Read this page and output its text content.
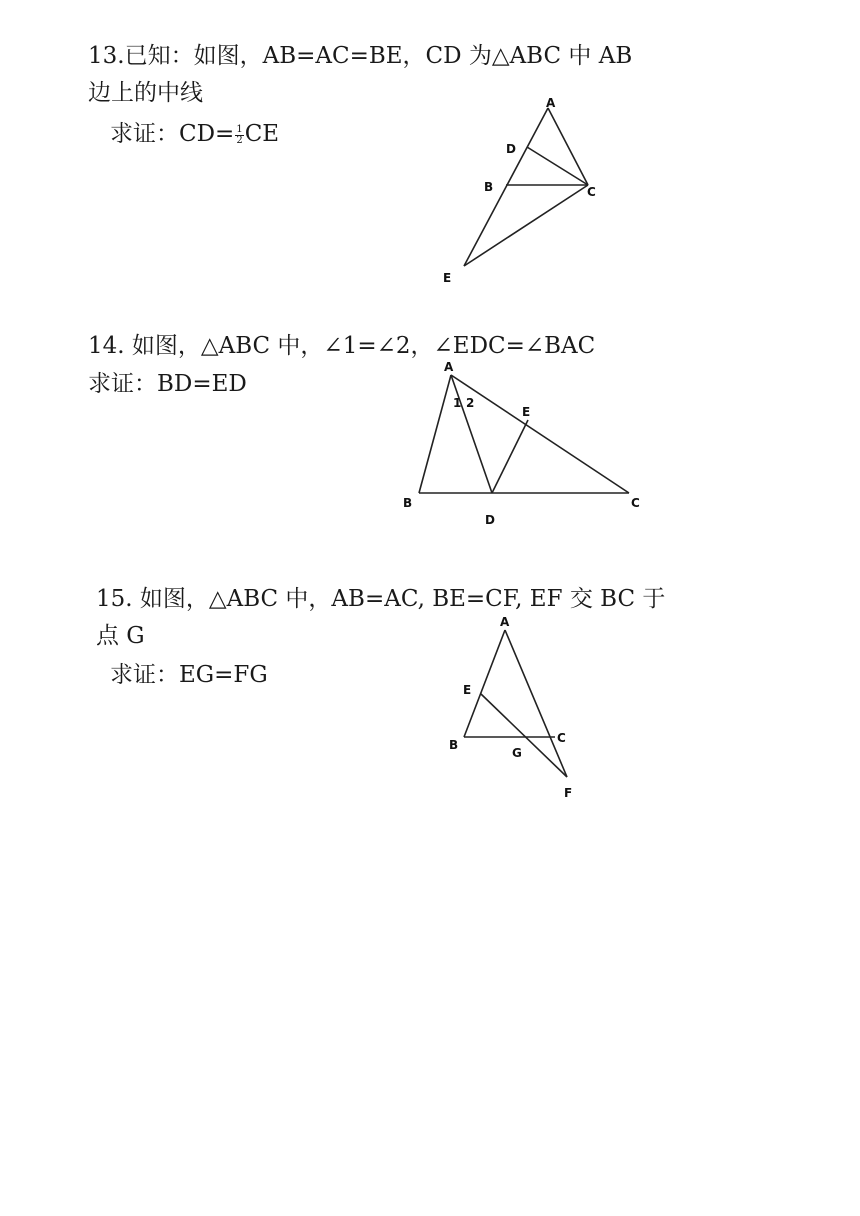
13.已知：如图，AB=AC=BE，CD 为△ABC 中 AB
边上的中线
求证：$CD= \frac{1}{2}$ CE
A
D
B	C
E
14. 如图，△ABC 中，∠1=∠2，∠EDC=∠BAC
求证：BD=ED
A
1 2
E
B	C
D
15. 如图，△ABC 中，AB=AC, BE=CF, EF 交 BC 于
点 G
求证：EG=FG
A
E
B	C
G
F
